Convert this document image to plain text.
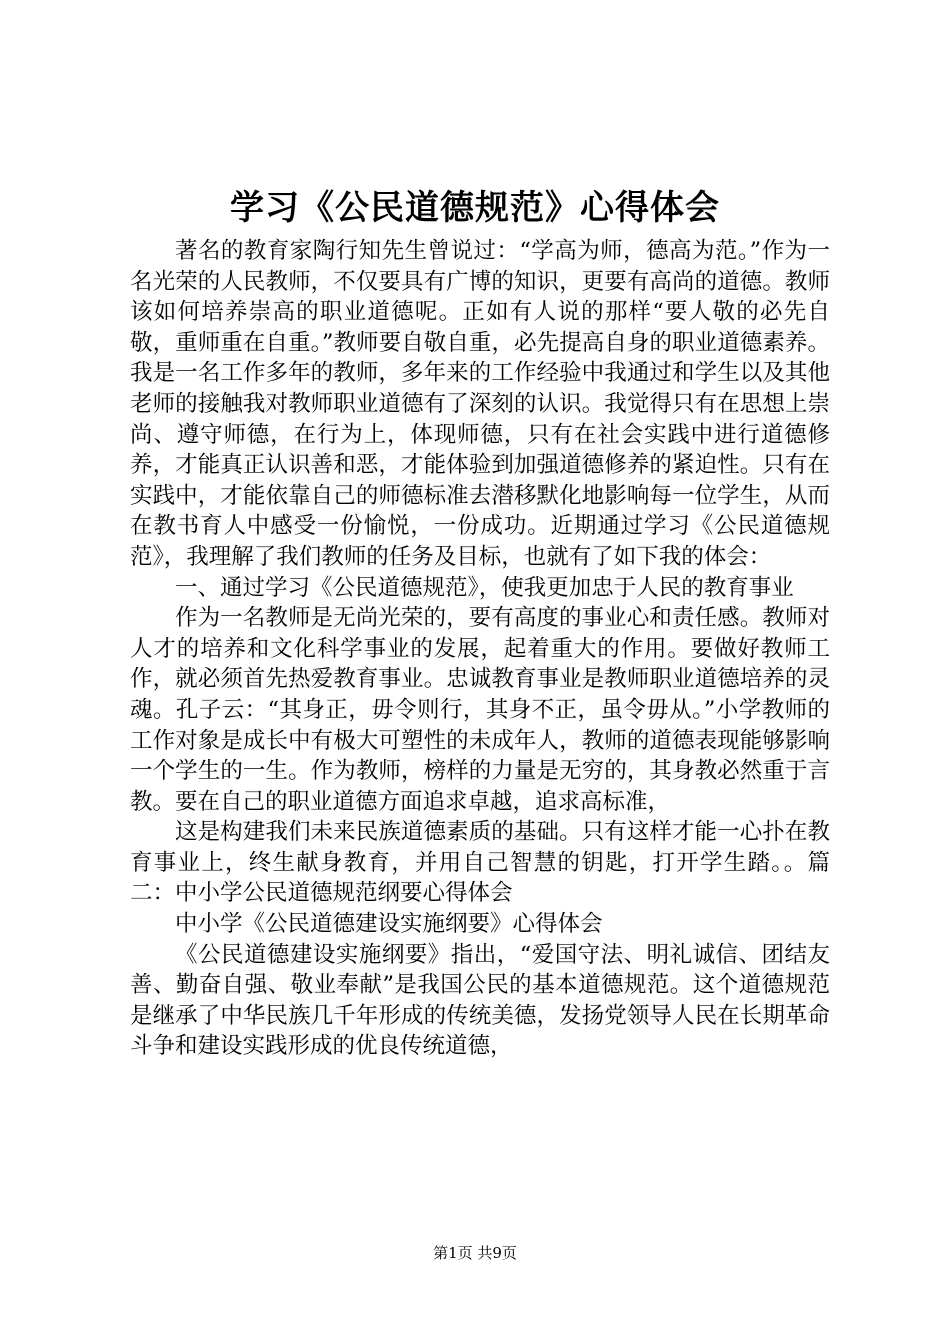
学习《公民道德规范》心得体会

著名的教育家陶行知先生曾说过：“学高为师，德高为范。”作为一名光荣的人民教师，不仅要具有广博的知识，更要有高尚的道德。教师该如何培养崇高的职业道德呢。正如有人说的那样“要人敬的必先自敬，重师重在自重。”教师要自敬自重，必先提高自身的职业道德素养。我是一名工作多年的教师，多年来的工作经验中我通过和学生以及其他老师的接触我对教师职业道德有了深刻的认识。我觉得只有在思想上崇尚、遵守师德，在行为上，体现师德，只有在社会实践中进行道德修养，才能真正认识善和恶，才能体验到加强道德修养的紧迫性。只有在实践中，才能依靠自己的师德标准去潜移默化地影响每一位学生，从而在教书育人中感受一份愉悦，一份成功。近期通过学习《公民道德规范》，我理解了我们教师的任务及目标，也就有了如下我的体会：

一、通过学习《公民道德规范》，使我更加忠于人民的教育事业

作为一名教师是无尚光荣的，要有高度的事业心和责任感。教师对人才的培养和文化科学事业的发展，起着重大的作用。要做好教师工作，就必须首先热爱教育事业。忠诚教育事业是教师职业道德培养的灵魂。孔子云：“其身正，毋令则行，其身不正，虽令毋从。”小学教师的工作对象是成长中有极大可塑性的未成年人，教师的道德表现能够影响一个学生的一生。作为教师，榜样的力量是无穷的，其身教必然重于言教。要在自己的职业道德方面追求卓越，追求高标准，

这是构建我们未来民族道德素质的基础。只有这样才能一心扑在教育事业上，终生献身教育，并用自己智慧的钥匙，打开学生踏。。篇二：中小学公民道德规范纲要心得体会

中小学《公民道德建设实施纲要》心得体会

《公民道德建设实施纲要》指出，“爱国守法、明礼诚信、团结友善、勤奋自强、敬业奉献”是我国公民的基本道德规范。这个道德规范是继承了中华民族几千年形成的传统美德，发扬党领导人民在长期革命斗争和建设实践形成的优良传统道德，

第1页 共9页
